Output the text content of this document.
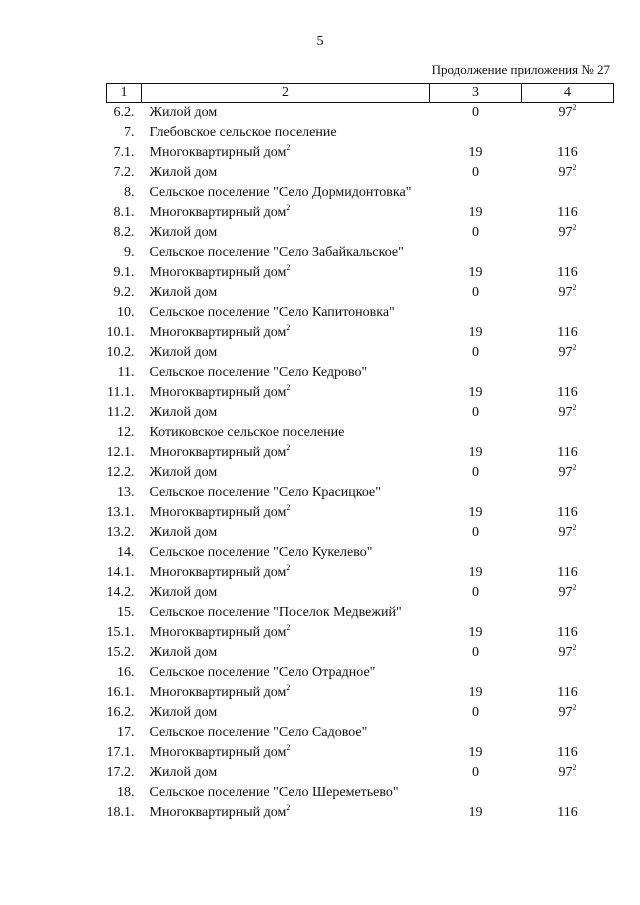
5
Продолжение приложения № 27
1	2	3	4
6.2.	Жилой дом	0	$97^2$
7.	Глебовское сельское поселение		
7.1.	Многоквартирный дом$^2$	19	116
7.2.	Жилой дом	0	$97^2$
8.	Сельское поселение "Село Дормидонтовка"		
8.1.	Многоквартирный дом$^2$	19	116
8.2.	Жилой дом	0	$97^2$
9.	Сельское поселение "Село Забайкальское"		
9.1.	Многоквартирный дом$^2$	19	116
9.2.	Жилой дом	0	$97^2$
10.	Сельское поселение "Село Капитоновка"		
10.1.	Многоквартирный дом$^2$	19	116
10.2.	Жилой дом	0	$97^2$
11.	Сельское поселение "Село Кедрово"		
11.1.	Многоквартирный дом$^2$	19	116
11.2.	Жилой дом	0	$97^2$
12.	Котиковское сельское поселение		
12.1.	Многоквартирный дом$^2$	19	116
12.2.	Жилой дом	0	$97^2$
13.	Сельское поселение "Село Красицкое"		
13.1.	Многоквартирный дом$^2$	19	116
13.2.	Жилой дом	0	$97^2$
14.	Сельское поселение "Село Кукелево"		
14.1.	Многоквартирный дом$^2$	19	116
14.2.	Жилой дом	0	$97^2$
15.	Сельское поселение "Поселок Медвежий"		
15.1.	Многоквартирный дом$^2$	19	116
15.2.	Жилой дом	0	$97^2$
16.	Сельское поселение "Село Отрадное"		
16.1.	Многоквартирный дом$^2$	19	116
16.2.	Жилой дом	0	$97^2$
17.	Сельское поселение "Село Садовое"		
17.1.	Многоквартирный дом$^2$	19	116
17.2.	Жилой дом	0	$97^2$
18.	Сельское поселение "Село Шереметьево"		
18.1.	Многоквартирный дом$^2$	19	116
